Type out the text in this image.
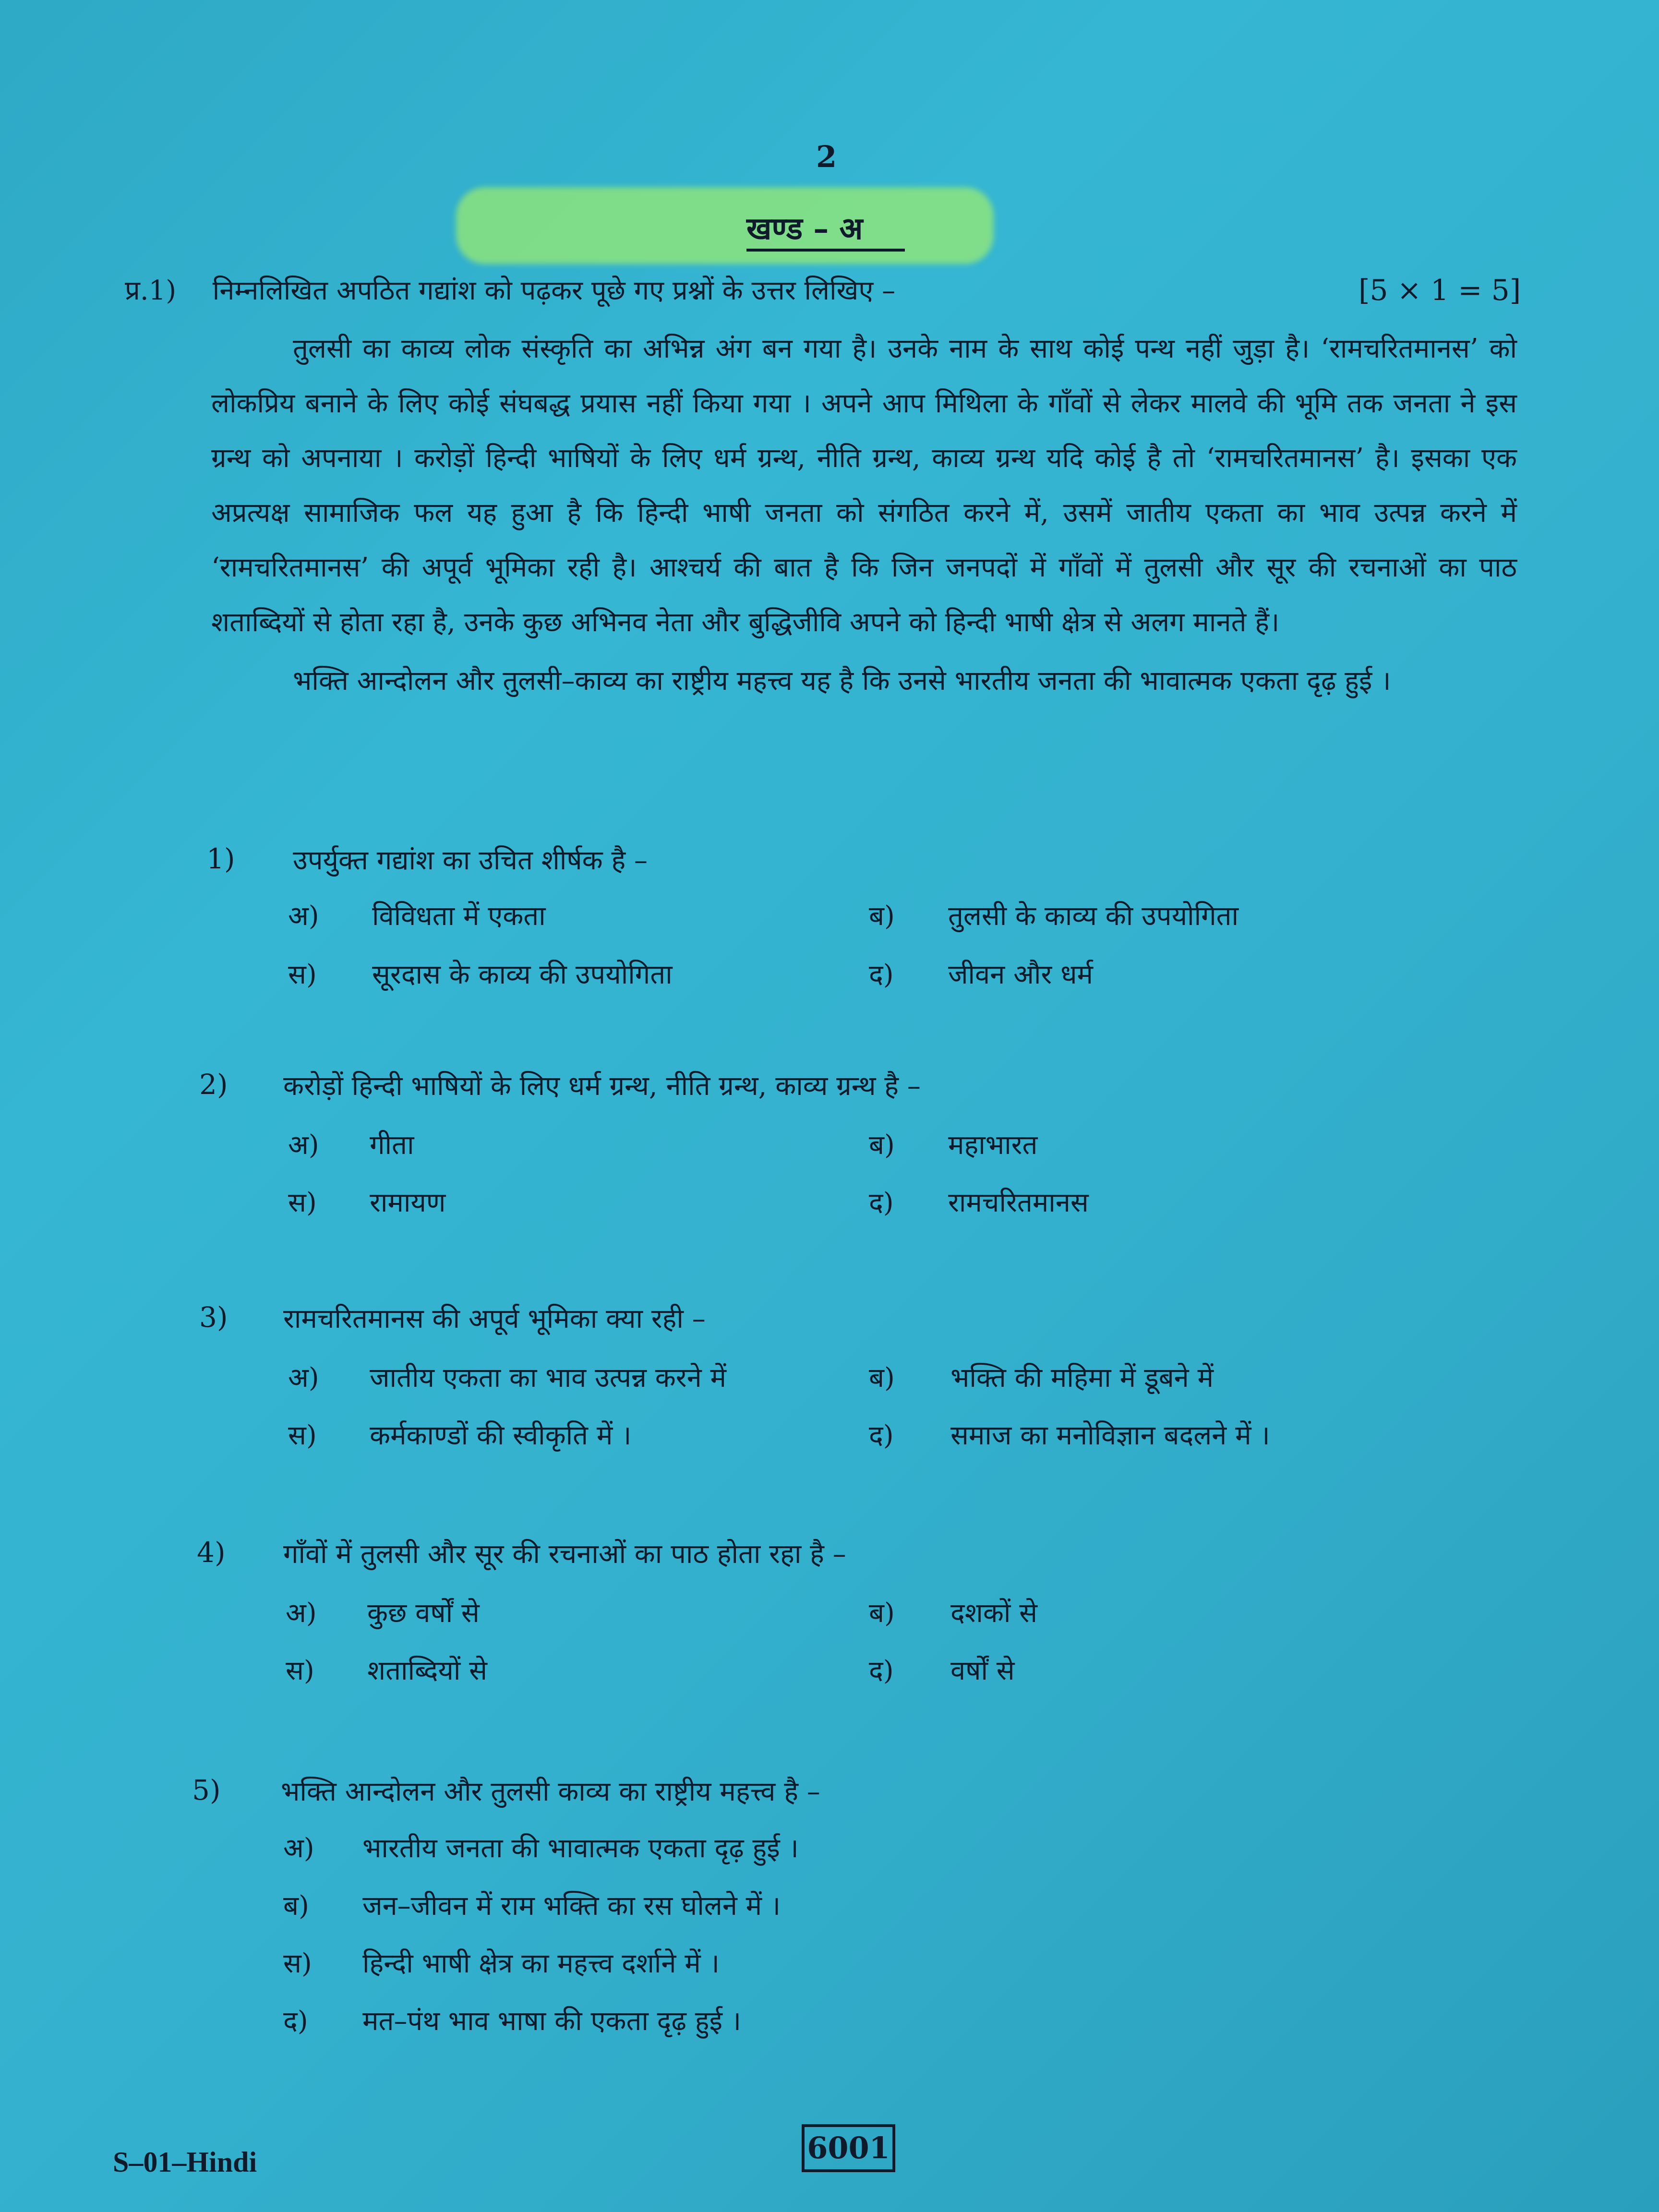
2
खण्ड – अ
प्र.1) निम्नलिखित अपठित गद्यांश को पढ़कर पूछे गए प्रश्नों के उत्तर लिखिए –	[5 × 1 = 5]

तुलसी का काव्य लोक संस्कृति का अभिन्न अंग बन गया है। उनके नाम के साथ कोई पन्थ नहीं जुड़ा है। ‘रामचरितमानस’ को लोकप्रिय बनाने के लिए कोई संघबद्ध प्रयास नहीं किया गया । अपने आप मिथिला के गाँवों से लेकर मालवे की भूमि तक जनता ने इस ग्रन्थ को अपनाया । करोड़ों हिन्दी भाषियों के लिए धर्म ग्रन्थ, नीति ग्रन्थ, काव्य ग्रन्थ यदि कोई है तो ‘रामचरितमानस’ है। इसका एक अप्रत्यक्ष सामाजिक फल यह हुआ है कि हिन्दी भाषी जनता को संगठित करने में, उसमें जातीय एकता का भाव उत्पन्न करने में ‘रामचरितमानस’ की अपूर्व भूमिका रही है। आश्चर्य की बात है कि जिन जनपदों में गाँवों में तुलसी और सूर की रचनाओं का पाठ शताब्दियों से होता रहा है, उनके कुछ अभिनव नेता और बुद्धिजीवि अपने को हिन्दी भाषी क्षेत्र से अलग मानते हैं।

भक्ति आन्दोलन और तुलसी–काव्य का राष्ट्रीय महत्त्व यह है कि उनसे भारतीय जनता की भावात्मक एकता दृढ़ हुई ।

1) उपर्युक्त गद्यांश का उचित शीर्षक है –
अ) विविधता में एकता	ब) तुलसी के काव्य की उपयोगिता
स) सूरदास के काव्य की उपयोगिता	द) जीवन और धर्म
2) करोड़ों हिन्दी भाषियों के लिए धर्म ग्रन्थ, नीति ग्रन्थ, काव्य ग्रन्थ है –
अ) गीता	ब) महाभारत
स) रामायण	द) रामचरितमानस
3) रामचरितमानस की अपूर्व भूमिका क्या रही –
अ) जातीय एकता का भाव उत्पन्न करने में	ब) भक्ति की महिमा में डूबने में
स) कर्मकाण्डों की स्वीकृति में ।	द) समाज का मनोविज्ञान बदलने में ।
4) गाँवों में तुलसी और सूर की रचनाओं का पाठ होता रहा है –
अ) कुछ वर्षों से	ब) दशकों से
स) शताब्दियों से	द) वर्षों से
5) भक्ति आन्दोलन और तुलसी काव्य का राष्ट्रीय महत्त्व है –
अ) भारतीय जनता की भावात्मक एकता दृढ़ हुई ।
ब) जन–जीवन में राम भक्ति का रस घोलने में ।
स) हिन्दी भाषी क्षेत्र का महत्त्व दर्शाने में ।
द) मत–पंथ भाव भाषा की एकता दृढ़ हुई ।
S–01–Hindi	6001
